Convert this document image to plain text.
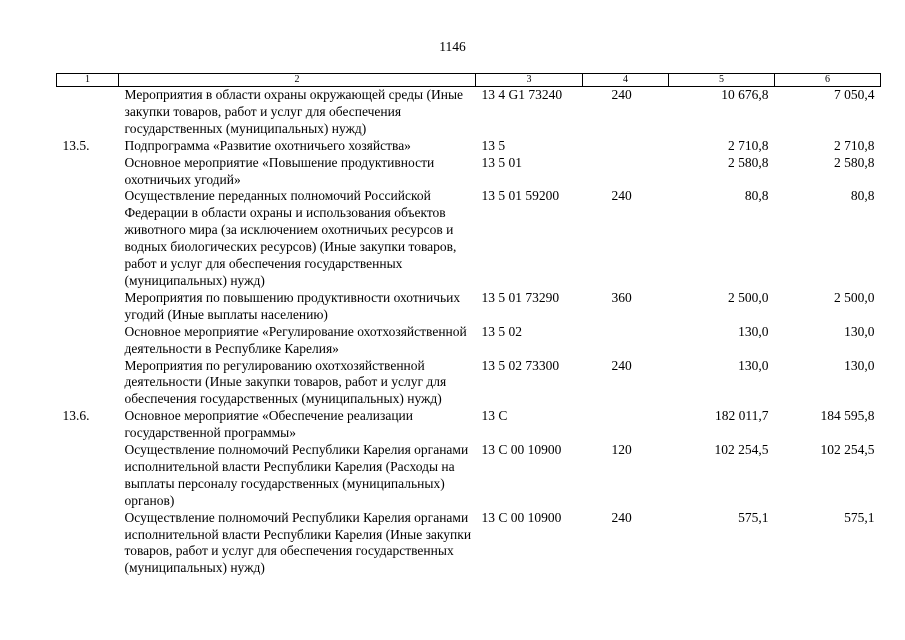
1146
1	2	3	4	5	6
	Мероприятия в области охраны окружающей среды (Иные закупки товаров, работ и услуг для обеспечения государственных (муниципальных) нужд)	13 4 G1 73240	240	10 676,8	7 050,4
13.5.	Подпрограмма «Развитие охотничьего хозяйства»	13 5		2 710,8	2 710,8
	Основное мероприятие «Повышение продуктивности охотничьих угодий»	13 5 01		2 580,8	2 580,8
	Осуществление переданных полномочий Российской Федерации в области охраны и использования объектов животного мира (за исключением охотничьих ресурсов и водных биологических ресурсов) (Иные закупки товаров, работ и услуг для обеспечения государственных (муниципальных) нужд)	13 5 01 59200	240	80,8	80,8
	Мероприятия по повышению продуктивности охотничьих угодий (Иные выплаты населению)	13 5 01 73290	360	2 500,0	2 500,0
	Основное мероприятие «Регулирование охотхозяйственной деятельности в Республике Карелия»	13 5 02		130,0	130,0
	Мероприятия по регулированию охотхозяйственной деятельности (Иные закупки товаров, работ и услуг для обеспечения государственных (муниципальных) нужд)	13 5 02 73300	240	130,0	130,0
13.6.	Основное мероприятие «Обеспечение реализации государственной программы»	13 C		182 011,7	184 595,8
	Осуществление полномочий Республики Карелия органами исполнительной власти Республики Карелия (Расходы на выплаты персоналу государственных (муниципальных) органов)	13 C 00 10900	120	102 254,5	102 254,5
	Осуществление полномочий Республики Карелия органами исполнительной власти Республики Карелия (Иные закупки товаров, работ и услуг для обеспечения государственных (муниципальных) нужд)	13 C 00 10900	240	575,1	575,1
